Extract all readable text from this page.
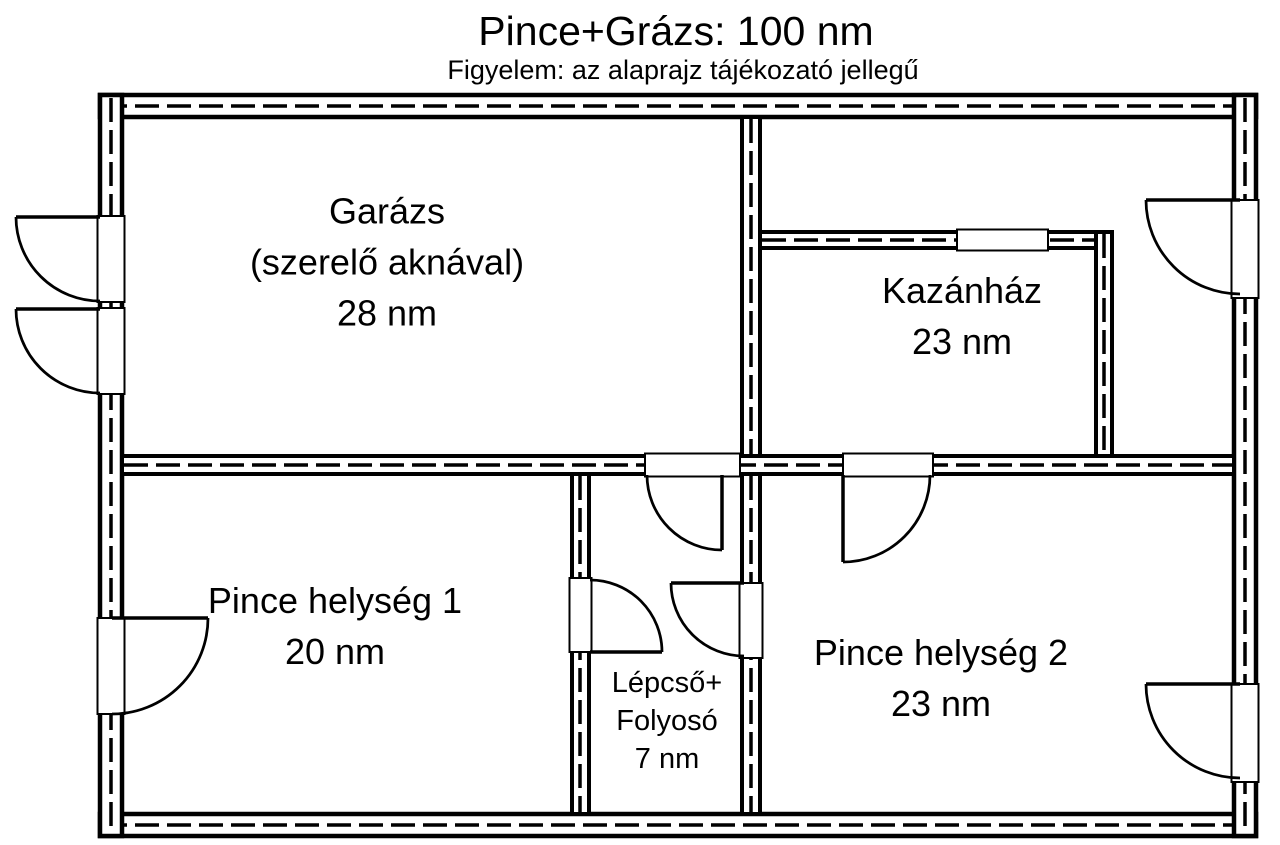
Pince+Grázs: 100 nm
Figyelem: az alaprajz tájékozató jellegű
Garázs
(szerelő aknával)
28 nm
Kazánház
23 nm
Pince helység 1
20 nm	Pince helység 2
23 nm
Lépcső+
Folyosó
7 nm
